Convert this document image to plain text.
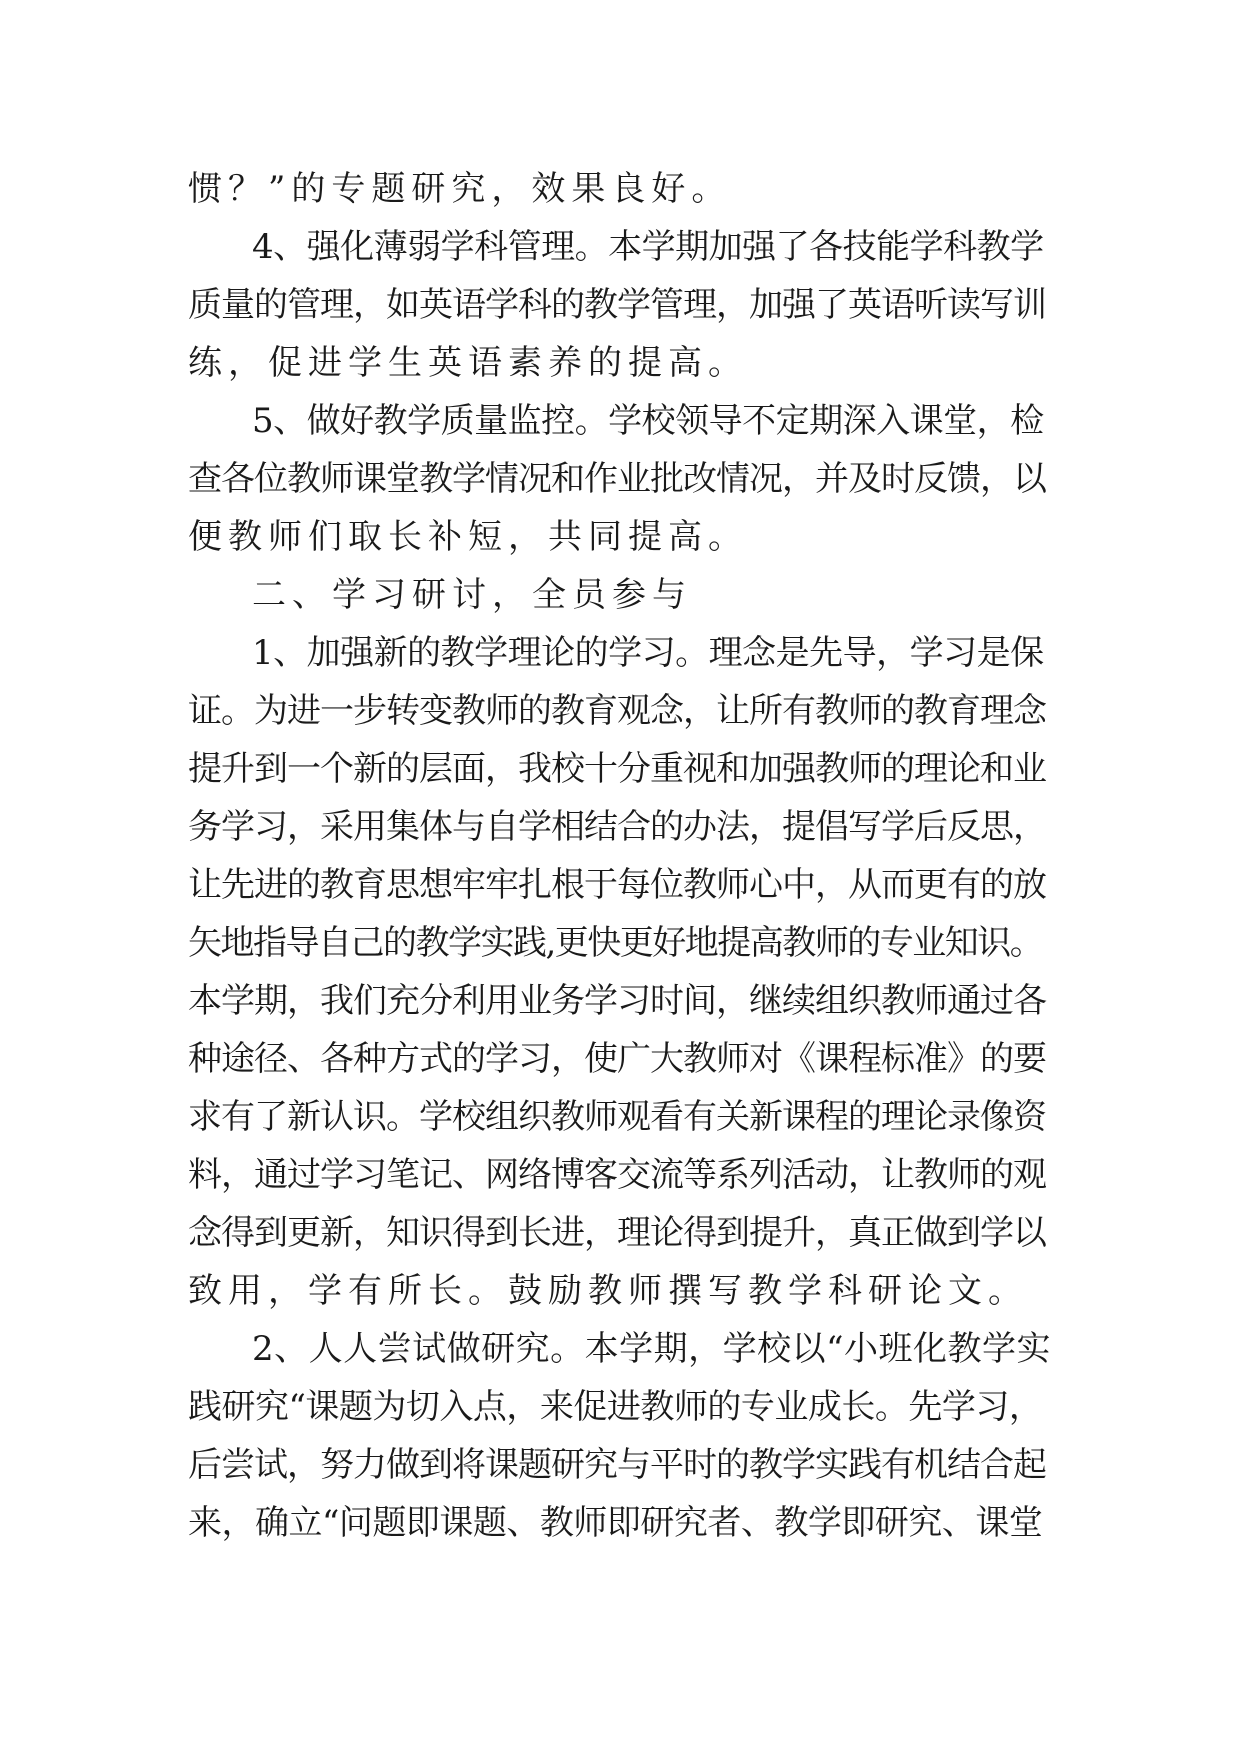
惯？”的专题研究，效果良好。
4、强化薄弱学科管理。本学期加强了各技能学科教学
质量的管理，如英语学科的教学管理，加强了英语听读写训
练，促进学生英语素养的提高。
5、做好教学质量监控。学校领导不定期深入课堂，检
查各位教师课堂教学情况和作业批改情况，并及时反馈，以
便教师们取长补短，共同提高。
二、学习研讨，全员参与
1、加强新的教学理论的学习。理念是先导，学习是保
证。为进一步转变教师的教育观念，让所有教师的教育理念
提升到一个新的层面，我校十分重视和加强教师的理论和业
务学习，采用集体与自学相结合的办法，提倡写学后反思，
让先进的教育思想牢牢扎根于每位教师心中，从而更有的放
矢地指导自己的教学实践,更快更好地提高教师的专业知识。
本学期，我们充分利用业务学习时间，继续组织教师通过各
种途径、各种方式的学习，使广大教师对《课程标准》的要
求有了新认识。学校组织教师观看有关新课程的理论录像资
料，通过学习笔记、网络博客交流等系列活动，让教师的观
念得到更新，知识得到长进，理论得到提升，真正做到学以
致用，学有所长。鼓励教师撰写教学科研论文。
2、人人尝试做研究。本学期，学校以“小班化教学实
践研究“课题为切入点，来促进教师的专业成长。先学习，
后尝试，努力做到将课题研究与平时的教学实践有机结合起
来，确立“问题即课题、教师即研究者、教学即研究、课堂
